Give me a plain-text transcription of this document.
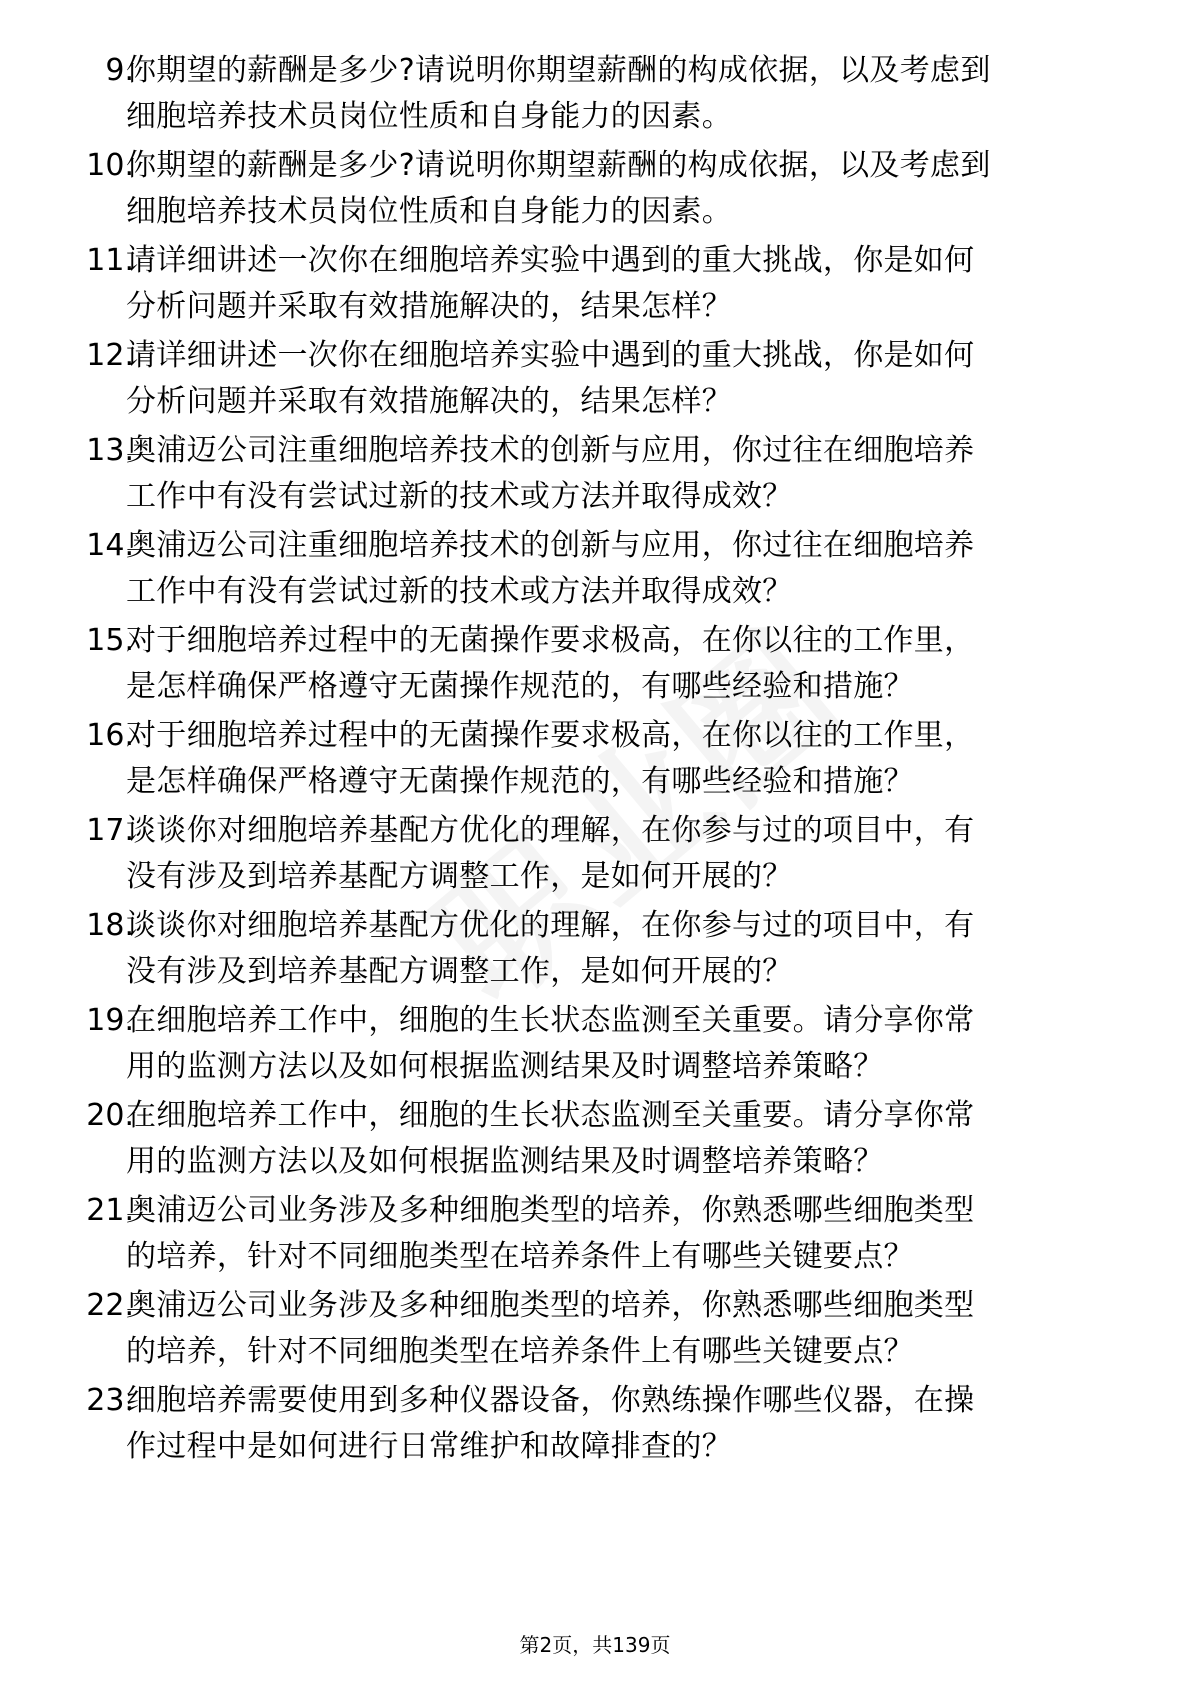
9.
你期望的薪酬是多少?请说明你期望薪酬的构成依据，以及考虑到
细胞培养技术员岗位性质和自身能力的因素。
10.
你期望的薪酬是多少?请说明你期望薪酬的构成依据，以及考虑到
细胞培养技术员岗位性质和自身能力的因素。
11.
请详细讲述一次你在细胞培养实验中遇到的重大挑战，你是如何
分析问题并采取有效措施解决的，结果怎样？
12.
请详细讲述一次你在细胞培养实验中遇到的重大挑战，你是如何
分析问题并采取有效措施解决的，结果怎样？
13.
奥浦迈公司注重细胞培养技术的创新与应用，你过往在细胞培养
工作中有没有尝试过新的技术或方法并取得成效？
14.
奥浦迈公司注重细胞培养技术的创新与应用，你过往在细胞培养
工作中有没有尝试过新的技术或方法并取得成效？
15.
对于细胞培养过程中的无菌操作要求极高，在你以往的工作里，
是怎样确保严格遵守无菌操作规范的，有哪些经验和措施？
16.
对于细胞培养过程中的无菌操作要求极高，在你以往的工作里，
是怎样确保严格遵守无菌操作规范的，有哪些经验和措施？
17.
谈谈你对细胞培养基配方优化的理解，在你参与过的项目中，有
没有涉及到培养基配方调整工作，是如何开展的？
18.
谈谈你对细胞培养基配方优化的理解，在你参与过的项目中，有
没有涉及到培养基配方调整工作，是如何开展的？
19.
在细胞培养工作中，细胞的生长状态监测至关重要。请分享你常
用的监测方法以及如何根据监测结果及时调整培养策略？
20.
在细胞培养工作中，细胞的生长状态监测至关重要。请分享你常
用的监测方法以及如何根据监测结果及时调整培养策略？
21.
奥浦迈公司业务涉及多种细胞类型的培养，你熟悉哪些细胞类型
的培养，针对不同细胞类型在培养条件上有哪些关键要点？
22.
奥浦迈公司业务涉及多种细胞类型的培养，你熟悉哪些细胞类型
的培养，针对不同细胞类型在培养条件上有哪些关键要点？
23.
细胞培养需要使用到多种仪器设备，你熟练操作哪些仪器，在操
作过程中是如何进行日常维护和故障排查的？
第2页，共139页
